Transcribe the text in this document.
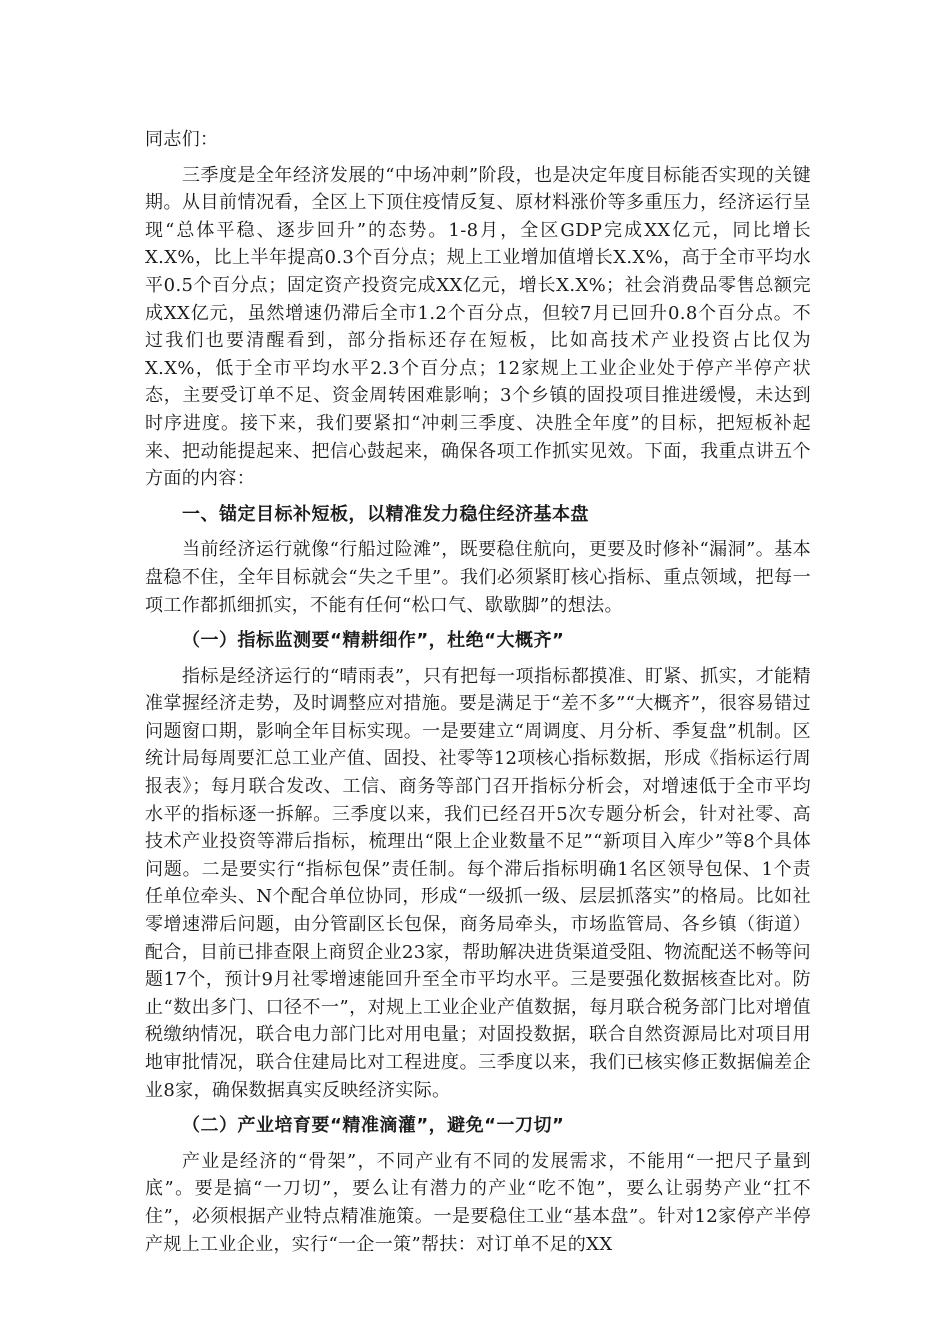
同志们：

三季度是全年经济发展的“中场冲刺”阶段，也是决定年度目标能否实现的关键期。从目前情况看，全区上下顶住疫情反复、原材料涨价等多重压力，经济运行呈现“总体平稳、逐步回升”的态势。1-8月，全区GDP完成XX亿元，同比增长X.X%，比上半年提高0.3个百分点；规上工业增加值增长X.X%，高于全市平均水平0.5个百分点；固定资产投资完成XX亿元，增长X.X%；社会消费品零售总额完成XX亿元，虽然增速仍滞后全市1.2个百分点，但较7月已回升0.8个百分点。不过我们也要清醒看到，部分指标还存在短板，比如高技术产业投资占比仅为X.X%，低于全市平均水平2.3个百分点；12家规上工业企业处于停产半停产状态，主要受订单不足、资金周转困难影响；3个乡镇的固投项目推进缓慢，未达到时序进度。接下来，我们要紧扣“冲刺三季度、决胜全年度”的目标，把短板补起来、把动能提起来、把信心鼓起来，确保各项工作抓实见效。下面，我重点讲五个方面的内容：

一、锚定目标补短板，以精准发力稳住经济基本盘

当前经济运行就像“行船过险滩”，既要稳住航向，更要及时修补“漏洞”。基本盘稳不住，全年目标就会“失之千里”。我们必须紧盯核心指标、重点领域，把每一项工作都抓细抓实，不能有任何“松口气、歇歇脚”的想法。

（一）指标监测要“精耕细作”，杜绝“大概齐”

指标是经济运行的“晴雨表”，只有把每一项指标都摸准、盯紧、抓实，才能精准掌握经济走势，及时调整应对措施。要是满足于“差不多”“大概齐”，很容易错过问题窗口期，影响全年目标实现。一是要建立“周调度、月分析、季复盘”机制。区统计局每周要汇总工业产值、固投、社零等12项核心指标数据，形成《指标运行周报表》；每月联合发改、工信、商务等部门召开指标分析会，对增速低于全市平均水平的指标逐一拆解。三季度以来，我们已经召开5次专题分析会，针对社零、高技术产业投资等滞后指标，梳理出“限上企业数量不足”“新项目入库少”等8个具体问题。二是要实行“指标包保”责任制。每个滞后指标明确1名区领导包保、1个责任单位牵头、N个配合单位协同，形成“一级抓一级、层层抓落实”的格局。比如社零增速滞后问题，由分管副区长包保，商务局牵头，市场监管局、各乡镇（街道）配合，目前已排查限上商贸企业23家，帮助解决进货渠道受阻、物流配送不畅等问题17个，预计9月社零增速能回升至全市平均水平。三是要强化数据核查比对。防止“数出多门、口径不一”，对规上工业企业产值数据，每月联合税务部门比对增值税缴纳情况，联合电力部门比对用电量；对固投数据，联合自然资源局比对项目用地审批情况，联合住建局比对工程进度。三季度以来，我们已核实修正数据偏差企业8家，确保数据真实反映经济实际。

（二）产业培育要“精准滴灌”，避免“一刀切”

产业是经济的“骨架”，不同产业有不同的发展需求，不能用“一把尺子量到底”。要是搞“一刀切”，要么让有潜力的产业“吃不饱”，要么让弱势产业“扛不住”，必须根据产业特点精准施策。一是要稳住工业“基本盘”。针对12家停产半停产规上工业企业，实行“一企一策”帮扶：对订单不足的XX
